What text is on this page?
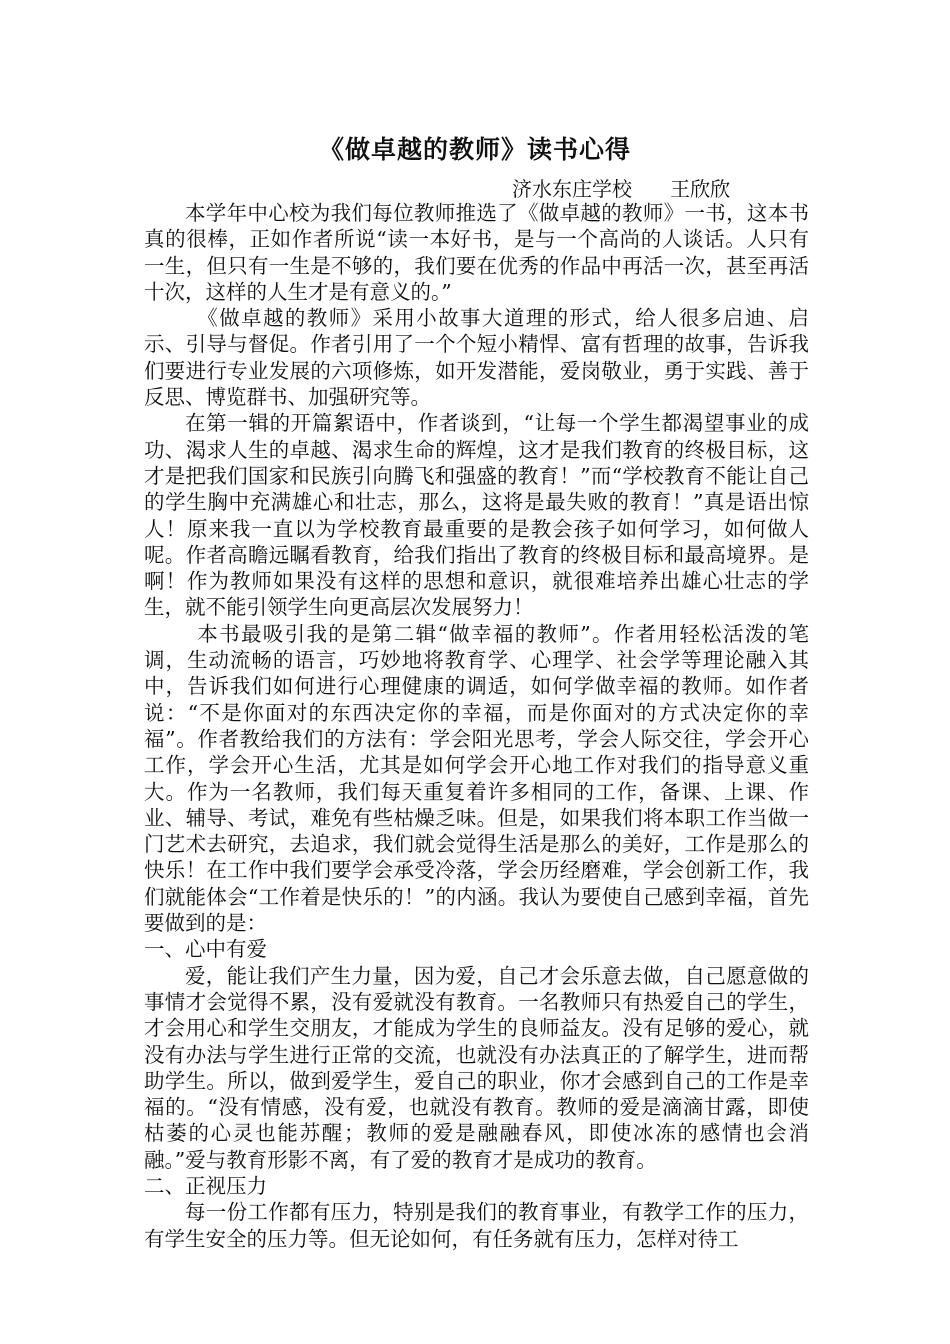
《做卓越的教师》读书心得
济水东庄学校      王欣欣

本学年中心校为我们每位教师推选了《做卓越的教师》一书，这本书真的很棒，正如作者所说“读一本好书，是与一个高尚的人谈话。人只有一生，但只有一生是不够的，我们要在优秀的作品中再活一次，甚至再活十次，这样的人生才是有意义的。”

《做卓越的教师》采用小故事大道理的形式，给人很多启迪、启示、引导与督促。作者引用了一个个短小精悍、富有哲理的故事，告诉我们要进行专业发展的六项修炼，如开发潜能，爱岗敬业，勇于实践、善于反思、博览群书、加强研究等。

在第一辑的开篇絮语中，作者谈到，“让每一个学生都渴望事业的成功、渴求人生的卓越、渴求生命的辉煌，这才是我们教育的终极目标，这才是把我们国家和民族引向腾飞和强盛的教育！”而“学校教育不能让自己的学生胸中充满雄心和壮志，那么，这将是最失败的教育！”真是语出惊人！原来我一直以为学校教育最重要的是教会孩子如何学习，如何做人呢。作者高瞻远瞩看教育，给我们指出了教育的终极目标和最高境界。是啊！作为教师如果没有这样的思想和意识，就很难培养出雄心壮志的学生，就不能引领学生向更高层次发展努力！

本书最吸引我的是第二辑“做幸福的教师”。作者用轻松活泼的笔调，生动流畅的语言，巧妙地将教育学、心理学、社会学等理论融入其中，告诉我们如何进行心理健康的调适，如何学做幸福的教师。如作者说：“不是你面对的东西决定你的幸福，而是你面对的方式决定你的幸福”。作者教给我们的方法有：学会阳光思考，学会人际交往，学会开心工作，学会开心生活，尤其是如何学会开心地工作对我们的指导意义重大。作为一名教师，我们每天重复着许多相同的工作，备课、上课、作业、辅导、考试，难免有些枯燥乏味。但是，如果我们将本职工作当做一门艺术去研究，去追求，我们就会觉得生活是那么的美好，工作是那么的快乐！在工作中我们要学会承受冷落，学会历经磨难，学会创新工作，我们就能体会“工作着是快乐的！”的内涵。我认为要使自己感到幸福，首先要做到的是：

一、心中有爱

爱，能让我们产生力量，因为爱，自己才会乐意去做，自己愿意做的事情才会觉得不累，没有爱就没有教育。一名教师只有热爱自己的学生，才会用心和学生交朋友，才能成为学生的良师益友。没有足够的爱心，就没有办法与学生进行正常的交流，也就没有办法真正的了解学生，进而帮助学生。所以，做到爱学生，爱自己的职业，你才会感到自己的工作是幸福的。“没有情感，没有爱，也就没有教育。教师的爱是滴滴甘露，即使枯萎的心灵也能苏醒；教师的爱是融融春风，即使冰冻的感情也会消融。”爱与教育形影不离，有了爱的教育才是成功的教育。

二、正视压力

每一份工作都有压力，特别是我们的教育事业，有教学工作的压力，有学生安全的压力等。但无论如何，有任务就有压力，怎样对待工
